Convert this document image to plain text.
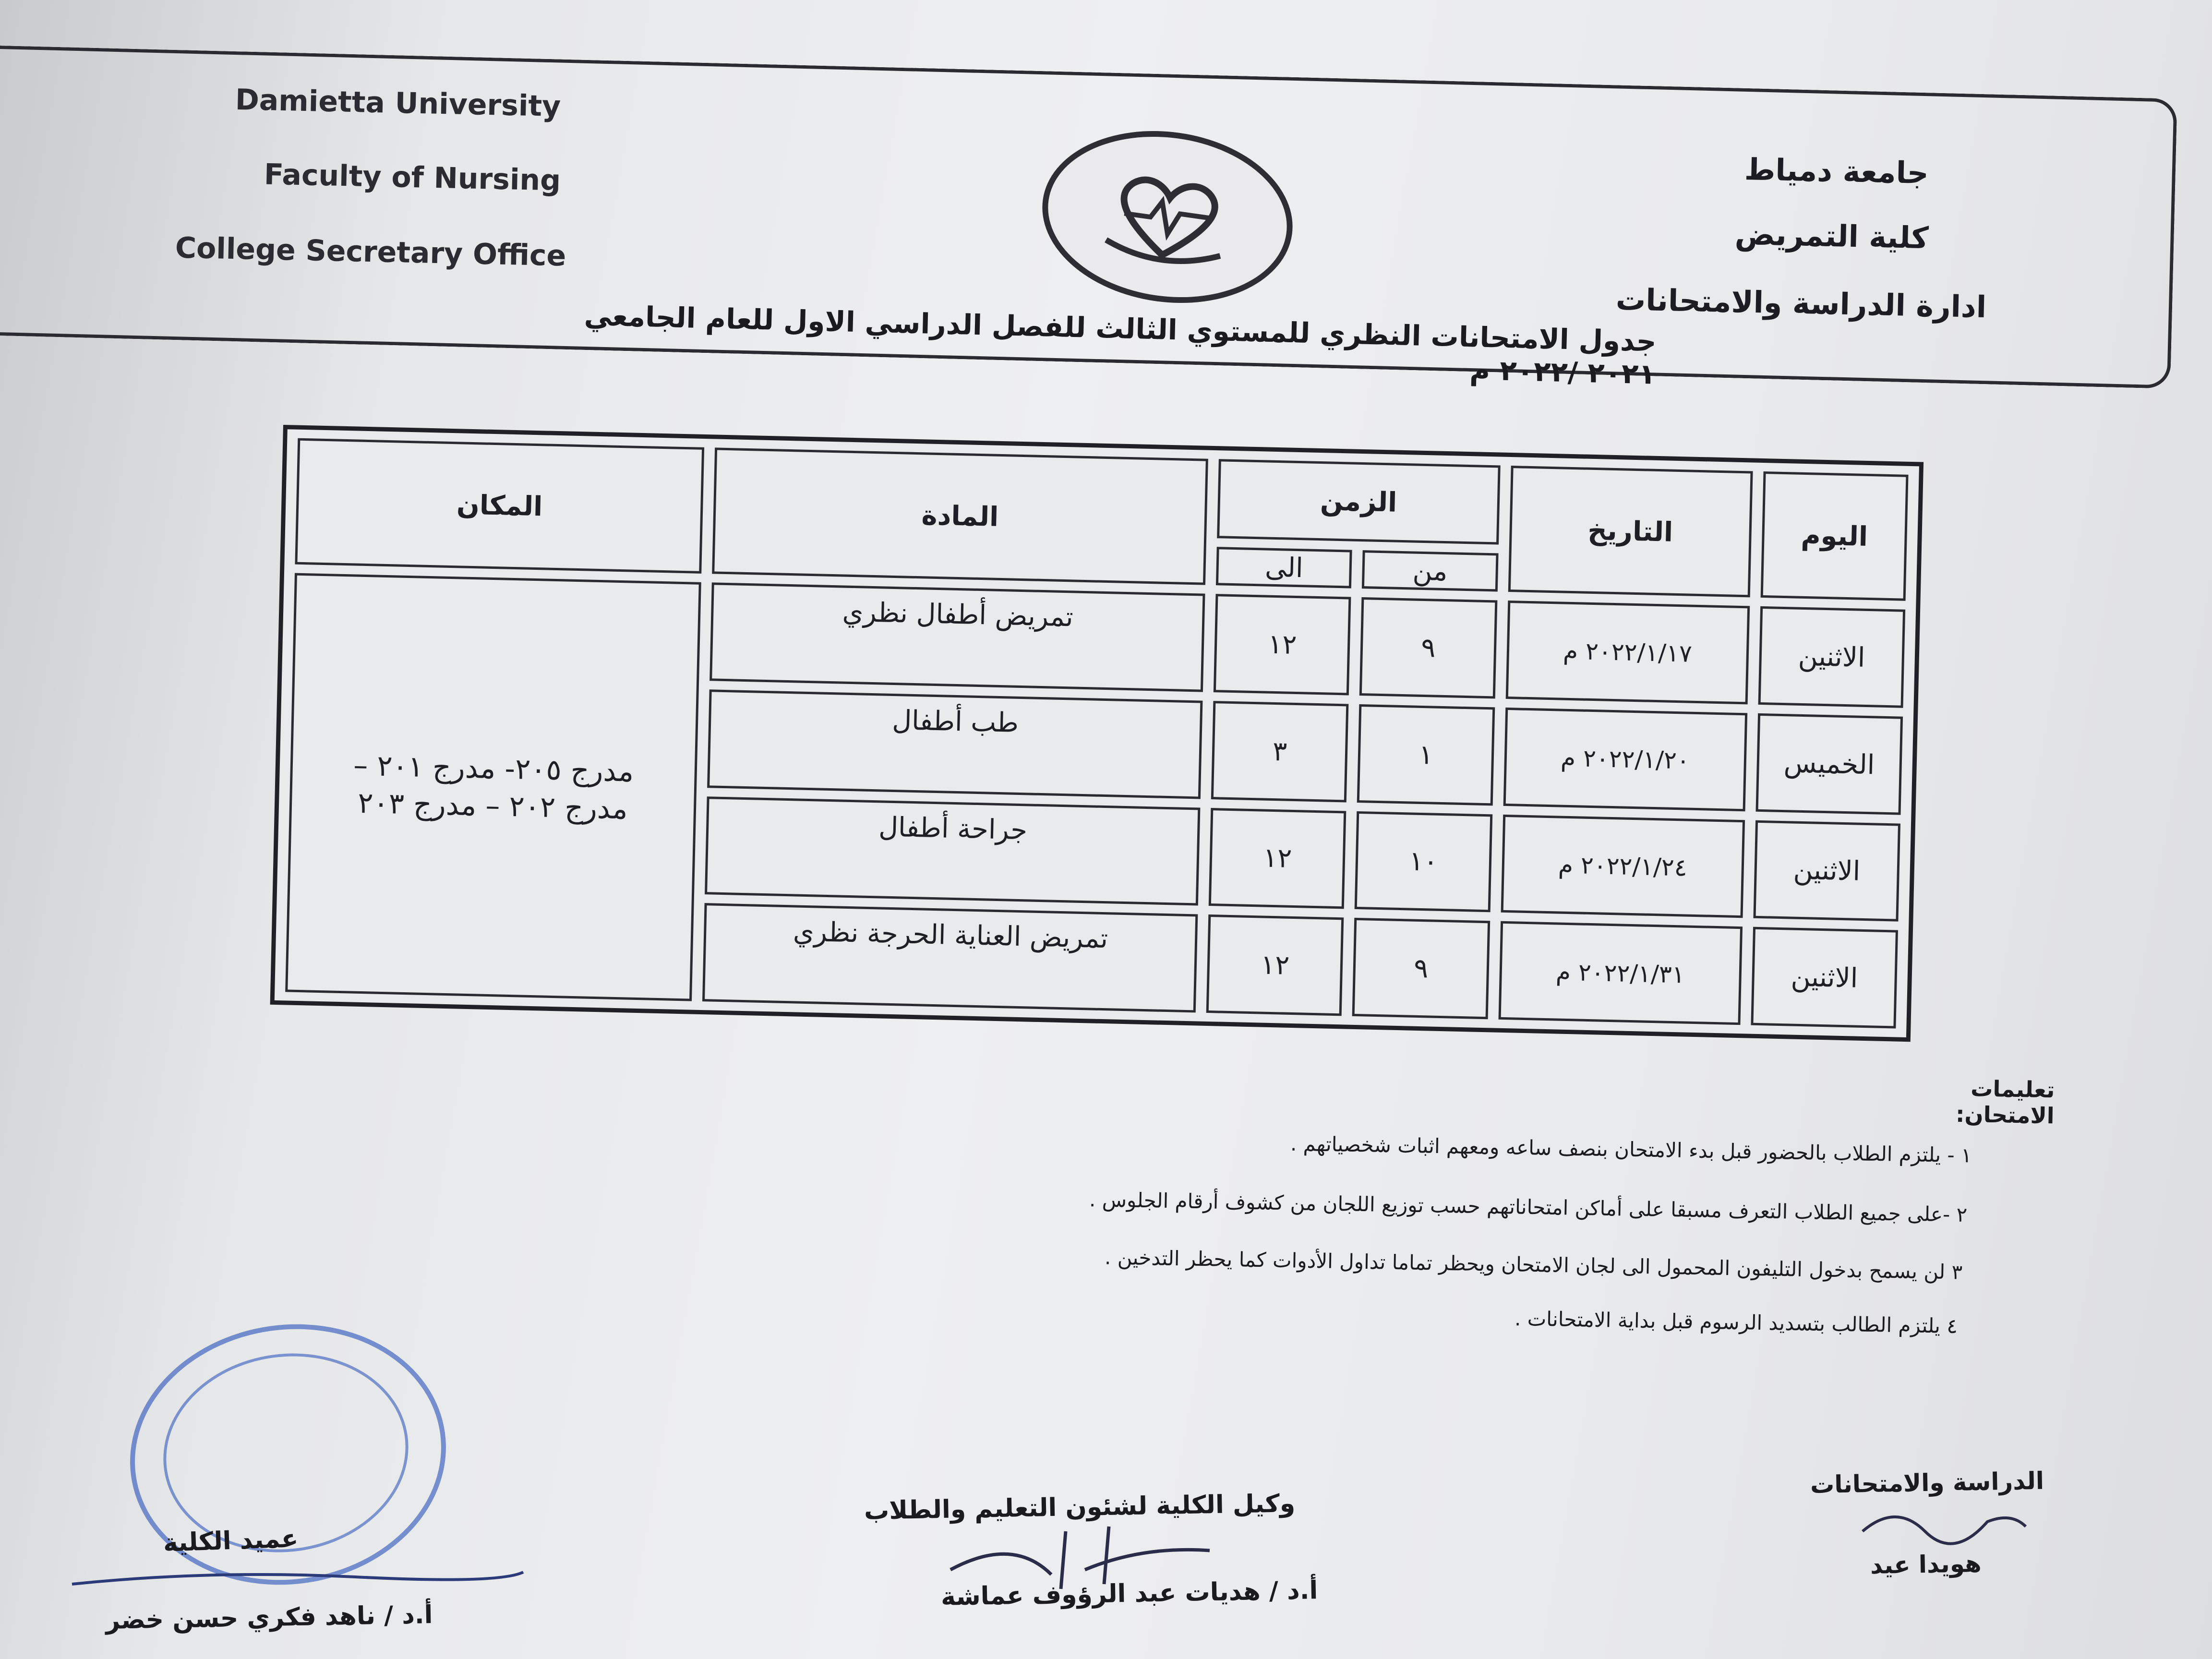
Damietta University
Faculty of Nursing
College Secretary Office
جامعة دمياط
كلية التمريض
ادارة الدراسة والامتحانات
جدول الامتحانات النظري للمستوي الثالث للفصل الدراسي الاول للعام الجامعي ٢٠٢١ /٢٠٢٢ م
اليوم	التاريخ	الزمن		المادة	المكان
		من	الى		
الاثنين	٢٠٢٢/١/١٧ م	٩	١٢	تمريض أطفال نظري	مدرج ٢٠٥- مدرج ٢٠١ –
مدرج ٢٠٢ – مدرج ٢٠٣

الخميس	٢٠٢٢/١/٢٠ م	١	٣	طب أطفال	
الاثنين	٢٠٢٢/١/٢٤ م	١٠	١٢	جراحة أطفال	
الاثنين	٢٠٢٢/١/٣١ م	٩	١٢	تمريض العناية الحرجة نظري	
تعليمات الامتحان:
١ - يلتزم الطلاب بالحضور قبل بدء الامتحان بنصف ساعه ومعهم اثبات شخصياتهم .
٢ -على جميع الطلاب التعرف مسبقا على أماكن امتحاناتهم حسب توزيع اللجان من كشوف أرقام الجلوس .
٣ لن يسمح بدخول التليفون المحمول الى لجان الامتحان ويحظر تماما تداول الأدوات كما يحظر التدخين .
٤ يلتزم الطالب بتسديد الرسوم قبل بداية الامتحانات .
عميد الكلية
أ.د / ناهد فكري حسن خضر
وكيل الكلية لشئون التعليم والطلاب
أ.د / هديات عبد الرؤوف عماشة
الدراسة والامتحانات
هويدا عيد
